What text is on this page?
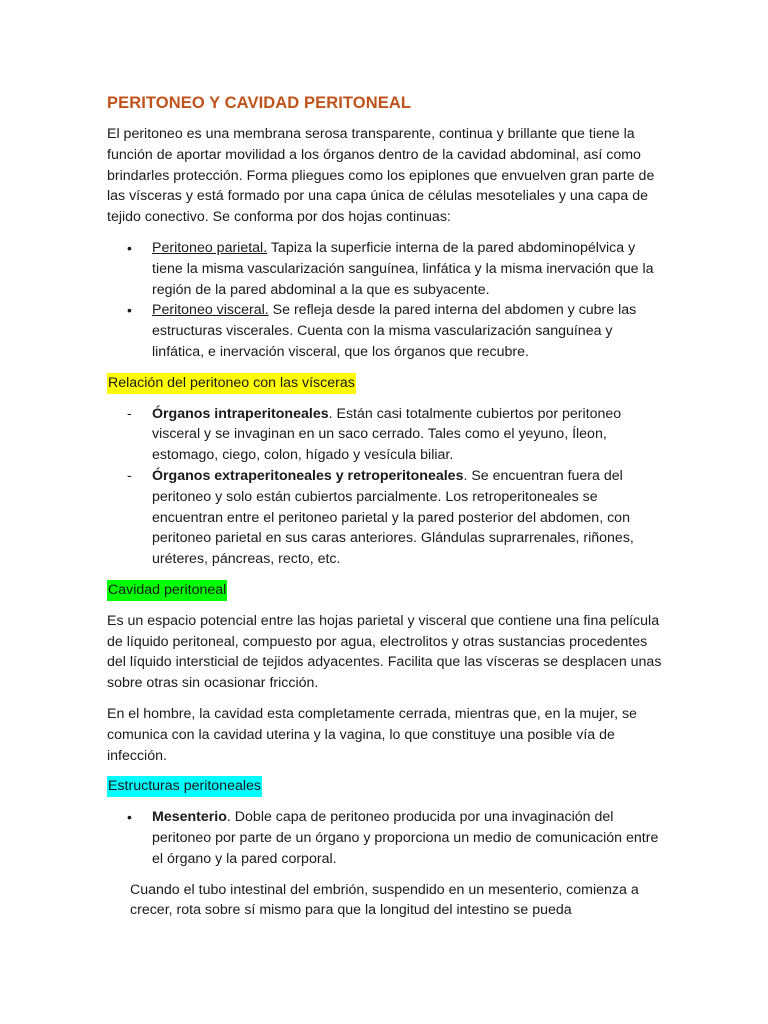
PERITONEO Y CAVIDAD PERITONEAL

El peritoneo es una membrana serosa transparente, continua y brillante que tiene la función de aportar movilidad a los órganos dentro de la cavidad abdominal, así como brindarles protección. Forma pliegues como los epiplones que envuelven gran parte de las vísceras y está formado por una capa única de células mesoteliales y una capa de tejido conectivo. Se conforma por dos hojas continuas:

•	Peritoneo parietal. Tapiza la superficie interna de la pared abdominopélvica y tiene la misma vascularización sanguínea, linfática y la misma inervación que la región de la pared abdominal a la que es subyacente.
•	Peritoneo visceral. Se refleja desde la pared interna del abdomen y cubre las estructuras viscerales. Cuenta con la misma vascularización sanguínea y linfática, e inervación visceral, que los órganos que recubre.

Relación del peritoneo con las vísceras

-	Órganos intraperitoneales. Están casi totalmente cubiertos por peritoneo visceral y se invaginan en un saco cerrado. Tales como el yeyuno, Íleon, estomago, ciego, colon, hígado y vesícula biliar.
-	Órganos extraperitoneales y retroperitoneales. Se encuentran fuera del peritoneo y solo están cubiertos parcialmente. Los retroperitoneales se encuentran entre el peritoneo parietal y la pared posterior del abdomen, con peritoneo parietal en sus caras anteriores. Glándulas suprarrenales, riñones, uréteres, páncreas, recto, etc.

Cavidad peritoneal

Es un espacio potencial entre las hojas parietal y visceral que contiene una fina película de líquido peritoneal, compuesto por agua, electrolitos y otras sustancias procedentes del líquido intersticial de tejidos adyacentes. Facilita que las vísceras se desplacen unas sobre otras sin ocasionar fricción.

En el hombre, la cavidad esta completamente cerrada, mientras que, en la mujer, se comunica con la cavidad uterina y la vagina, lo que constituye una posible vía de infección.

Estructuras peritoneales

•	Mesenterio. Doble capa de peritoneo producida por una invaginación del peritoneo por parte de un órgano y proporciona un medio de comunicación entre el órgano y la pared corporal.

Cuando el tubo intestinal del embrión, suspendido en un mesenterio, comienza a crecer, rota sobre sí mismo para que la longitud del intestino se pueda
